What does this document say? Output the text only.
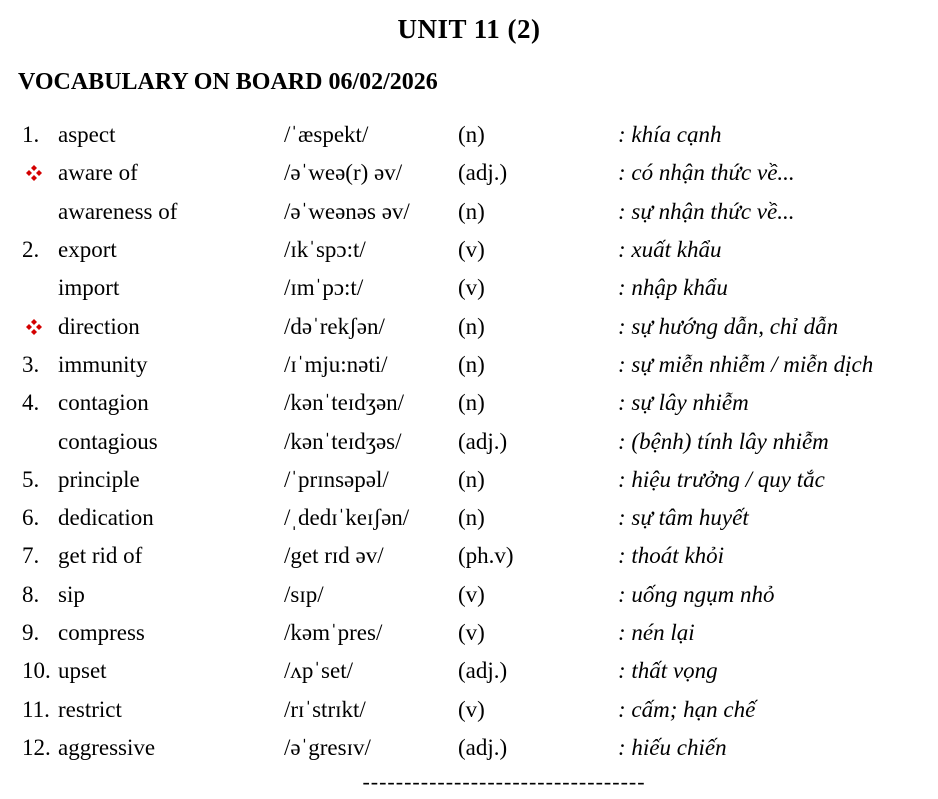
UNIT 11 (2)
VOCABULARY ON BOARD 06/02/2026
1. aspect	/ˈæspekt/	(n)	: khía cạnh
aware of	/əˈweə(r) əv/	(adj.)	: có nhận thức về...
awareness of	/əˈweənəs əv/	(n)	: sự nhận thức về...
2. export	/ɪkˈspɔ:t/	(v)	: xuất khẩu
import	/ɪmˈpɔ:t/	(v)	: nhập khẩu
direction	/dəˈrekʃən/	(n)	: sự hướng dẫn, chỉ dẫn
3. immunity	/ɪˈmju:nəti/	(n)	: sự miễn nhiễm / miễn dịch
4. contagion	/kənˈteɪdʒən/	(n)	: sự lây nhiễm
contagious	/kənˈteɪdʒəs/	(adj.)	: (bệnh) tính lây nhiễm
5. principle	/ˈprɪnsəpəl/	(n)	: hiệu trưởng / quy tắc
6. dedication	/ˌdedɪˈkeɪʃən/	(n)	: sự tâm huyết
7. get rid of	/get rɪd əv/	(ph.v)	: thoát khỏi
8. sip	/sɪp/	(v)	: uống ngụm nhỏ
9. compress	/kəmˈpres/	(v)	: nén lại
10. upset	/ʌpˈset/	(adj.)	: thất vọng
11. restrict	/rɪˈstrɪkt/	(v)	: cấm; hạn chế
12. aggressive	/əˈgresɪv/	(adj.)	: hiếu chiến
----------------------------------
